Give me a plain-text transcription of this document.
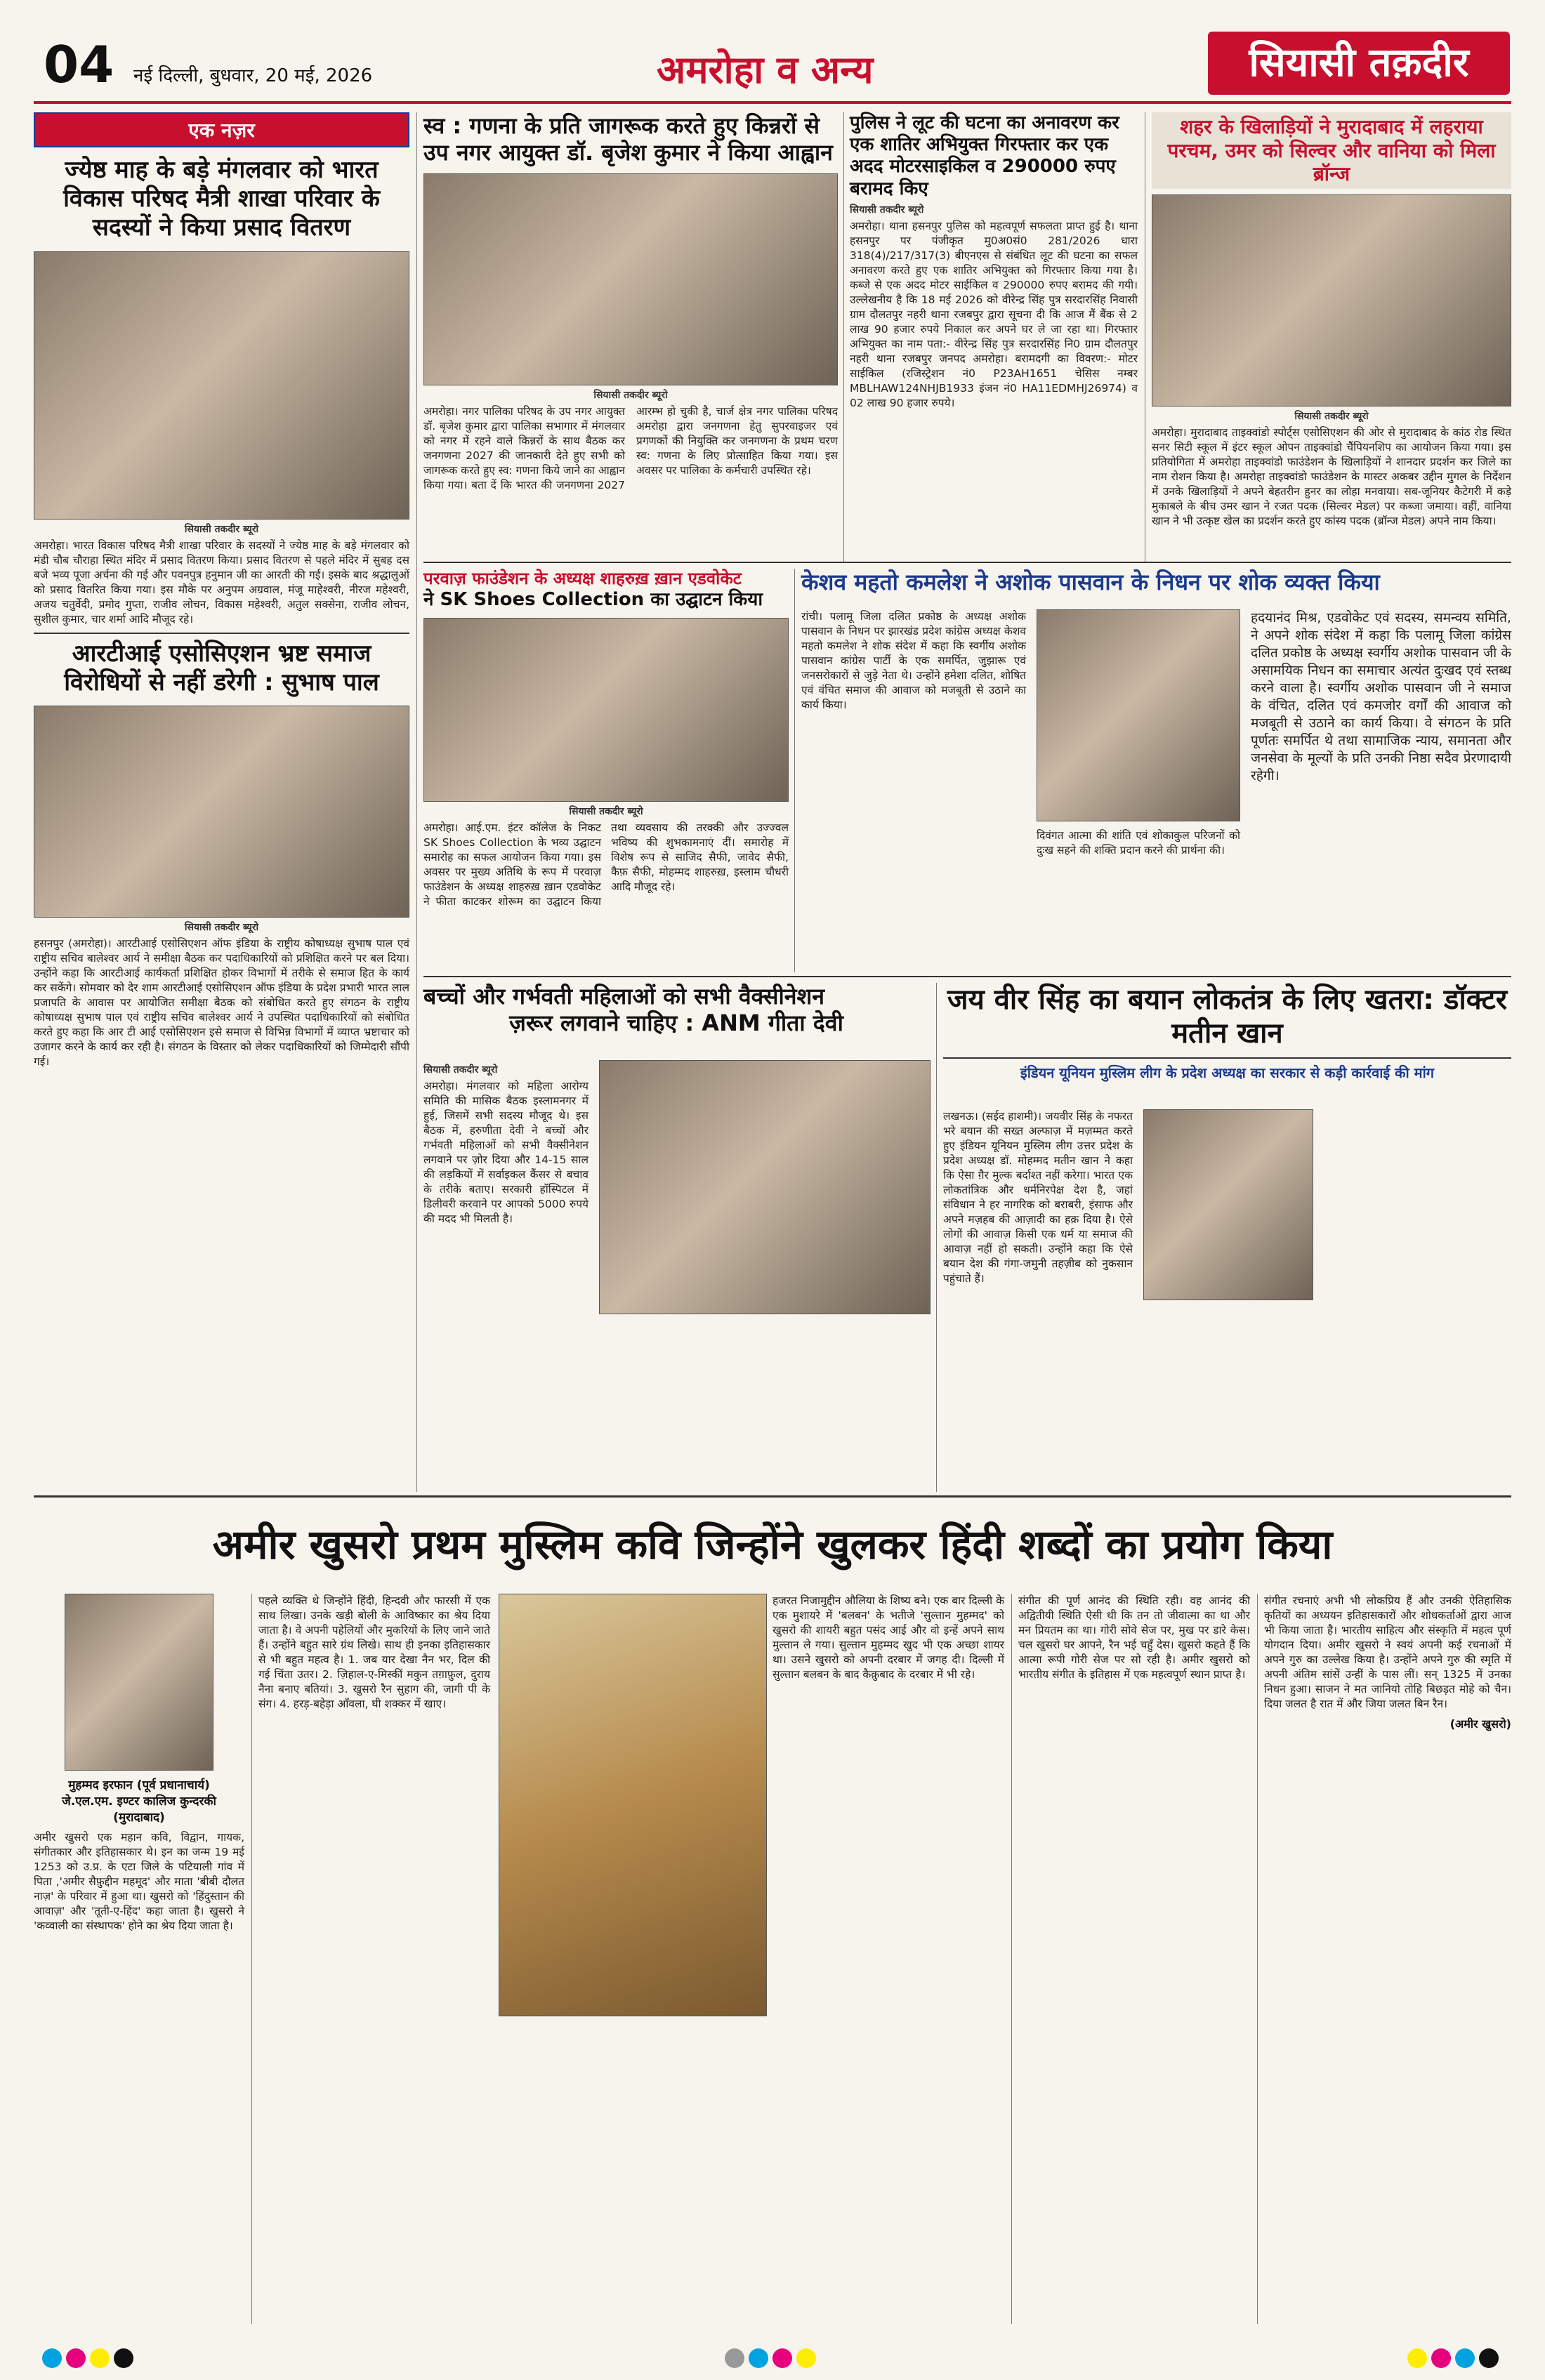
04 नई दिल्ली, बुधवार, 20 मई, 2026	अमरोहा व अन्य	सियासी तक़दीर
एक नज़र
ज्येष्ठ माह के बड़े मंगलवार को भारत विकास परिषद मैत्री शाखा परिवार के सदस्यों ने किया प्रसाद वितरण
सियासी तकदीर ब्यूरो

अमरोहा। भारत विकास परिषद मैत्री शाखा परिवार के सदस्यों ने ज्येष्ठ माह के बड़े मंगलवार को मंडी चौब चौराहा स्थित मंदिर में प्रसाद वितरण किया। प्रसाद वितरण से पहले मंदिर में सुबह दस बजे भव्य पूजा अर्चना की गई और पवनपुत्र हनुमान जी का आरती की गई। इसके बाद श्रद्धालुओं को प्रसाद वितरित किया गया। इस मौके पर अनुपम अग्रवाल, मंजू माहेश्वरी, नीरज महेश्वरी, अजय चतुर्वेदी, प्रमोद गुप्ता, राजीव लोचन, विकास महेश्वरी, अतुल सक्सेना, राजीव लोचन, सुशील कुमार, चार शर्मा आदि मौजूद रहे।

आरटीआई एसोसिएशन भ्रष्ट समाज विरोधियों से नहीं डरेगी : सुभाष पाल
सियासी तकदीर ब्यूरो

हसनपुर (अमरोहा)। आरटीआई एसोसिएशन ऑफ इंडिया के राष्ट्रीय कोषाध्यक्ष सुभाष पाल एवं राष्ट्रीय सचिव बालेश्वर आर्य ने समीक्षा बैठक कर पदाधिकारियों को प्रशिक्षित करने पर बल दिया। उन्होंने कहा कि आरटीआई कार्यकर्ता प्रशिक्षित होकर विभागों में तरीके से समाज हित के कार्य कर सकेंगे। सोमवार को देर शाम आरटीआई एसोसिएशन ऑफ इंडिया के प्रदेश प्रभारी भारत लाल प्रजापति के आवास पर आयोजित समीक्षा बैठक को संबोधित करते हुए संगठन के राष्ट्रीय कोषाध्यक्ष सुभाष पाल एवं राष्ट्रीय सचिव बालेश्वर आर्य ने उपस्थित पदाधिकारियों को संबोधित करते हुए कहा कि आर टी आई एसोसिएशन इसे समाज से विभिन्न विभागों में व्याप्त भ्रष्टाचार को उजागर करने के कार्य कर रही है। संगठन के विस्तार को लेकर पदाधिकारियों को जिम्मेदारी सौंपी गई।

स्व : गणना के प्रति जागरूक करते हुए किन्नरों से उप नगर आयुक्त डॉ. बृजेश कुमार ने किया आह्वान
सियासी तकदीर ब्यूरो

अमरोहा। नगर पालिका परिषद के उप नगर आयुक्त डॉ. बृजेश कुमार द्वारा पालिका सभागार में मंगलवार को नगर में रहने वाले किन्नरों के साथ बैठक कर जनगणना 2027 की जानकारी देते हुए सभी को जागरूक करते हुए स्व: गणना किये जाने का आह्वान किया गया। बता दें कि भारत की जनगणना 2027 आरम्भ हो चुकी है, चार्ज क्षेत्र नगर पालिका परिषद अमरोहा द्वारा जनगणना हेतु सुपरवाइजर एवं प्रगणकों की नियुक्ति कर जनगणना के प्रथम चरण स्व: गणना के लिए प्रोत्साहित किया गया। इस अवसर पर पालिका के कर्मचारी उपस्थित रहे।

पुलिस ने लूट की घटना का अनावरण कर एक शातिर अभियुक्त गिरफ्तार कर एक अदद मोटरसाइकिल व 290000 रुपए बरामद किए
सियासी तकदीर ब्यूरो

अमरोहा। थाना हसनपुर पुलिस को महत्वपूर्ण सफलता प्राप्त हुई है। थाना हसनपुर पर पंजीकृत मु0अ0सं0 281/2026 धारा 318(4)/217/317(3) बीएनएस से संबंधित लूट की घटना का सफल अनावरण करते हुए एक शातिर अभियुक्त को गिरफ्तार किया गया है। कब्जे से एक अदद मोटर साईकिल व 290000 रुपए बरामद की गयी। उल्लेखनीय है कि 18 मई 2026 को वीरेन्द्र सिंह पुत्र सरदारसिंह निवासी ग्राम दौलतपुर नहरी थाना रजबपुर द्वारा सूचना दी कि आज मैं बैंक से 2 लाख 90 हजार रुपये निकाल कर अपने घर ले जा रहा था। गिरफ्तार अभियुक्त का नाम पता:- वीरेन्द्र सिंह पुत्र सरदारसिंह नि0 ग्राम दौलतपुर नहरी थाना रजबपुर जनपद अमरोहा। बरामदगी का विवरण:- मोटर साईकिल (रजिस्ट्रेशन नं0 P23AH1651 चेसिस नम्बर MBLHAW124NHJB1933 इंजन नं0 HA11EDMHJ26974) व 02 लाख 90 हजार रुपये।

शहर के खिलाड़ियों ने मुरादाबाद में लहराया परचम, उमर को सिल्वर और वानिया को मिला ब्रॉन्ज
सियासी तकदीर ब्यूरो

अमरोहा। मुरादाबाद ताइक्वांडो स्पोर्ट्स एसोसिएशन की ओर से मुरादाबाद के कांठ रोड स्थित सनर सिटी स्कूल में इंटर स्कूल ओपन ताइक्वांडो चैंपियनशिप का आयोजन किया गया। इस प्रतियोगिता में अमरोहा ताइक्वांडो फाउंडेशन के खिलाड़ियों ने शानदार प्रदर्शन कर जिले का नाम रोशन किया है। अमरोहा ताइक्वांडो फाउंडेशन के मास्टर अकबर उद्दीन मुगल के निर्देशन में उनके खिलाड़ियों ने अपने बेहतरीन हुनर का लोहा मनवाया। सब-जूनियर कैटेगरी में कड़े मुकाबले के बीच उमर खान ने रजत पदक (सिल्वर मेडल) पर कब्जा जमाया। वहीं, वानिया खान ने भी उत्कृष्ट खेल का प्रदर्शन करते हुए कांस्य पदक (ब्रॉन्ज मेडल) अपने नाम किया।

परवाज़ फाउंडेशन के अध्यक्ष शाहरुख़ ख़ान एडवोकेट
ने SK Shoes Collection का उद्घाटन किया
सियासी तकदीर ब्यूरो

अमरोहा। आई.एम. इंटर कॉलेज के निकट SK Shoes Collection के भव्य उद्घाटन समारोह का सफल आयोजन किया गया। इस अवसर पर मुख्य अतिथि के रूप में परवाज़ फाउंडेशन के अध्यक्ष शाहरुख़ ख़ान एडवोकेट ने फीता काटकर शोरूम का उद्घाटन किया तथा व्यवसाय की तरक्की और उज्ज्वल भविष्य की शुभकामनाएं दीं। समारोह में विशेष रूप से साजिद सैफी, जावेद सैफी, कैफ़ सैफी, मोहम्मद शाहरुख़, इस्लाम चौधरी आदि मौजूद रहे।

केशव महतो कमलेश ने अशोक पासवान के निधन पर शोक व्यक्त किया

रांची। पलामू जिला दलित प्रकोष्ठ के अध्यक्ष अशोक पासवान के निधन पर झारखंड प्रदेश कांग्रेस अध्यक्ष केशव महतो कमलेश ने शोक संदेश में कहा कि स्वर्गीय अशोक पासवान कांग्रेस पार्टी के एक समर्पित, जुझारू एवं जनसरोकारों से जुड़े नेता थे। उन्होंने हमेशा दलित, शोषित एवं वंचित समाज की आवाज को मजबूती से उठाने का कार्य किया।

दिवंगत आत्मा की शांति एवं शोकाकुल परिजनों को दुःख सहने की शक्ति प्रदान करने की प्रार्थना की।

हदयानंद मिश्र, एडवोकेट एवं सदस्य, समन्वय समिति, ने अपने शोक संदेश में कहा कि पलामू जिला कांग्रेस दलित प्रकोष्ठ के अध्यक्ष स्वर्गीय अशोक पासवान जी के असामयिक निधन का समाचार अत्यंत दुःखद एवं स्तब्ध करने वाला है। स्वर्गीय अशोक पासवान जी ने समाज के वंचित, दलित एवं कमजोर वर्गों की आवाज को मजबूती से उठाने का कार्य किया। वे संगठन के प्रति पूर्णतः समर्पित थे तथा सामाजिक न्याय, समानता और जनसेवा के मूल्यों के प्रति उनकी निष्ठा सदैव प्रेरणादायी रहेगी।

बच्चों और गर्भवती महिलाओं को सभी वैक्सीनेशन
ज़रूर लगवाने चाहिए : ANM गीता देवी
सियासी तकदीर ब्यूरो

अमरोहा। मंगलवार को महिला आरोग्य समिति की मासिक बैठक इस्लामनगर में हुई, जिसमें सभी सदस्य मौजूद थे। इस बैठक में, हरुणीता देवी ने बच्चों और गर्भवती महिलाओं को सभी वैक्सीनेशन लगवाने पर ज़ोर दिया और 14-15 साल की लड़कियों में सर्वाइकल कैंसर से बचाव के तरीके बताए। सरकारी हॉस्पिटल में डिलीवरी करवाने पर आपको 5000 रुपये की मदद भी मिलती है।

जय वीर सिंह का बयान लोकतंत्र के लिए खतरा: डॉक्टर मतीन खान
इंडियन यूनियन मुस्लिम लीग के प्रदेश अध्यक्ष का सरकार से कड़ी कार्रवाई की मांग

लखनऊ। (सईद हाशमी)। जयवीर सिंह के नफरत भरे बयान की सख्त अल्फाज़ में मज़म्मत करते हुए इंडियन यूनियन मुस्लिम लीग उत्तर प्रदेश के प्रदेश अध्यक्ष डॉ. मोहम्मद मतीन खान ने कहा कि ऐसा ग़ैर मुल्क बर्दाश्त नहीं करेगा। भारत एक लोकतांत्रिक और धर्मनिरपेक्ष देश है, जहां संविधान ने हर नागरिक को बराबरी, इंसाफ और अपने मज़हब की आज़ादी का हक़ दिया है। ऐसे लोगों की आवाज़ किसी एक धर्म या समाज की आवाज़ नहीं हो सकती। उन्होंने कहा कि ऐसे बयान देश की गंगा-जमुनी तहज़ीब को नुकसान पहुंचाते हैं।

अमीर खुसरो प्रथम मुस्लिम कवि जिन्होंने खुलकर हिंदी शब्दों का प्रयोग किया
मुहम्मद इरफान (पूर्व प्रधानाचार्य)
जे.एल.एम. इण्टर कालिज कुन्दरकी
(मुरादाबाद)

अमीर खुसरो एक महान कवि, विद्वान, गायक, संगीतकार और इतिहासकार थे। इन का जन्म 19 मई 1253 को उ.प्र. के एटा जिले के पटियाली गांव में पिता ,'अमीर सैफ़ुद्दीन महमूद' और माता 'बीबी दौलत नाज़' के परिवार में हुआ था। खुसरो को 'हिंदुस्तान की आवाज़' और 'तूती-ए-हिंद' कहा जाता है। खुसरो ने 'कव्वाली का संस्थापक' होने का श्रेय दिया जाता है।

पहले व्यक्ति थे जिन्होंने हिंदी, हिन्दवी और फारसी में एक साथ लिखा। उनके खड़ी बोली के आविष्कार का श्रेय दिया जाता है। वे अपनी पहेलियों और मुकरियों के लिए जाने जाते हैं। उन्होंने बहुत सारे ग्रंथ लिखे। साथ ही इनका इतिहासकार से भी बहुत महत्व है। 1. जब यार देखा नैन भर, दिल की गई चिंता उतर। 2. ज़िहाल-ए-मिस्कीं मकुन तग़ाफ़ुल, दुराय नैना बनाए बतियां। 3. खुसरो रैन सुहाग की, जागी पी के संग। 4. हरड़-बहेड़ा आँवला, घी शक्कर में खाए।

हजरत निजामुद्दीन औलिया के शिष्य बने। एक बार दिल्ली के एक मुशायरे में 'बलबन' के भतीजे 'सुल्तान मुहम्मद' को खुसरो की शायरी बहुत पसंद आई और वो इन्हें अपने साथ मुल्तान ले गया। सुल्तान मुहम्मद खुद भी एक अच्छा शायर था। उसने खुसरो को अपनी दरबार में जगह दी। दिल्ली में सुल्तान बलबन के बाद कैक़ुबाद के दरबार में भी रहे।

संगीत की पूर्ण आनंद की स्थिति रही। वह आनंद की अद्वितीयी स्थिति ऐसी थी कि तन तो जीवात्मा का था और मन प्रियतम का था। गोरी सोवे सेज पर, मुख पर डारे केस। चल खुसरो घर आपने, रैन भई चहुँ देस। खुसरो कहते हैं कि आत्मा रूपी गोरी सेज पर सो रही है। अमीर खुसरो को भारतीय संगीत के इतिहास में एक महत्वपूर्ण स्थान प्राप्त है।

संगीत रचनाएं अभी भी लोकप्रिय हैं और उनकी ऐतिहासिक कृतियों का अध्ययन इतिहासकारों और शोधकर्ताओं द्वारा आज भी किया जाता है। भारतीय साहित्य और संस्कृति में महत्व पूर्ण योगदान दिया। अमीर खुसरो ने स्वयं अपनी कई रचनाओं में अपने गुरु का उल्लेख किया है। उन्होंने अपने गुरु की स्मृति में अपनी अंतिम सांसें उन्हीं के पास लीं। सन् 1325 में उनका निधन हुआ। साजन ने मत जानियो तोहि बिछड़त मोहे को चैन। दिया जलत है रात में और जिया जलत बिन रैन।

(अमीर खुसरो)
